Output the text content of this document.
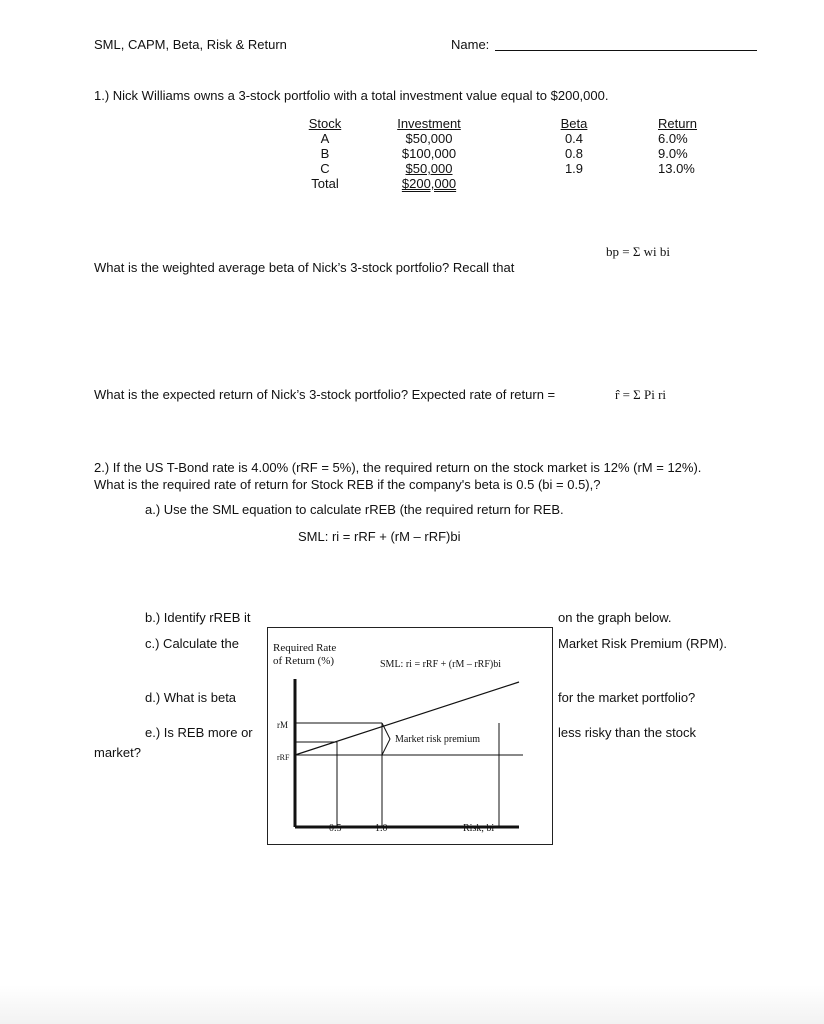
SML, CAPM, Beta, Risk & Return	Name:
1.) Nick Williams owns a 3-stock portfolio with a total investment value equal to $200,000.
Stock	Investment	Beta	Return
A	$50,000	0.4	6.0%
B	$100,000	0.8	9.0%
C	$50,000	1.9	13.0%
Total	$200,000		
What is the weighted average beta of Nick’s 3-stock portfolio? Recall that
bp = Σ wi bi
What is the expected return of Nick’s 3-stock portfolio? Expected rate of return =	r̂ = Σ Pi ri
2.) If the US T-Bond rate is 4.00% (rRF = 5%), the required return on the stock market is 12% (rM = 12%).
What is the required rate of return for Stock REB if the company's beta is 0.5 (bi = 0.5),?
a.) Use the SML equation to calculate rREB (the required return for REB.
SML: ri = rRF + (rM – rRF)bi
b.) Identify rREB it	on the graph below.
c.) Calculate the	Market Risk Premium (RPM).
d.) What is beta	for the market portfolio?
e.) Is REB more or	less risky than the stock
market?
Required Rate
of Return (%)	SML: ri = rRF + (rM – rRF)bi
rM
rRF
Market risk premium
0.5	1.0	Risk, bi
